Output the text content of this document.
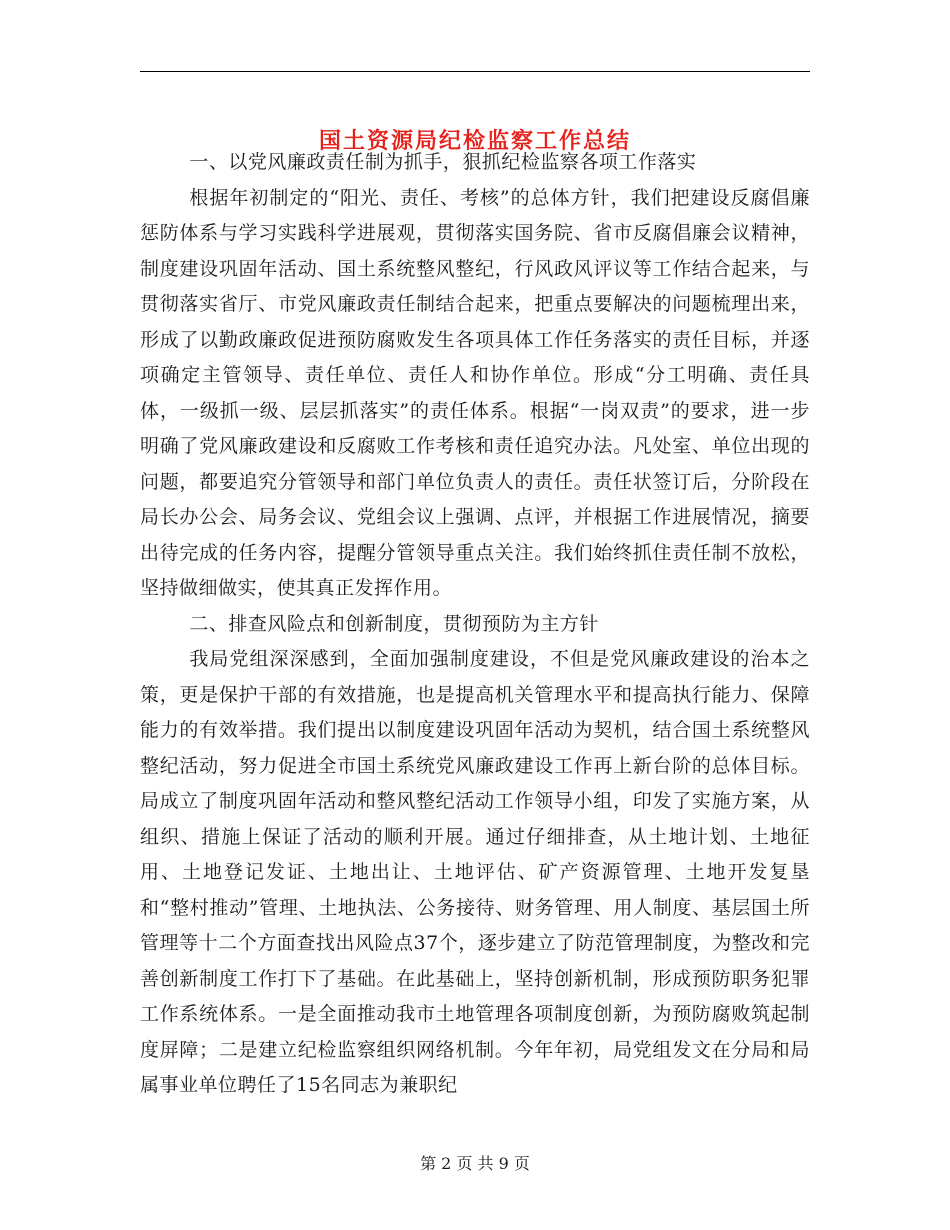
国土资源局纪检监察工作总结

一、以党风廉政责任制为抓手，狠抓纪检监察各项工作落实

根据年初制定的“阳光、责任、考核”的总体方针，我们把建设反腐倡廉惩防体系与学习实践科学进展观，贯彻落实国务院、省市反腐倡廉会议精神，制度建设巩固年活动、国土系统整风整纪，行风政风评议等工作结合起来，与贯彻落实省厅、市党风廉政责任制结合起来，把重点要解决的问题梳理出来，形成了以勤政廉政促进预防腐败发生各项具体工作任务落实的责任目标，并逐项确定主管领导、责任单位、责任人和协作单位。形成“分工明确、责任具体，一级抓一级、层层抓落实”的责任体系。根据“一岗双责”的要求，进一步明确了党风廉政建设和反腐败工作考核和责任追究办法。凡处室、单位出现的问题，都要追究分管领导和部门单位负责人的责任。责任状签订后，分阶段在局长办公会、局务会议、党组会议上强调、点评，并根据工作进展情况，摘要出待完成的任务内容，提醒分管领导重点关注。我们始终抓住责任制不放松，坚持做细做实，使其真正发挥作用。

二、排查风险点和创新制度，贯彻预防为主方针

我局党组深深感到，全面加强制度建设，不但是党风廉政建设的治本之策，更是保护干部的有效措施，也是提高机关管理水平和提高执行能力、保障能力的有效举措。我们提出以制度建设巩固年活动为契机，结合国土系统整风整纪活动，努力促进全市国土系统党风廉政建设工作再上新台阶的总体目标。局成立了制度巩固年活动和整风整纪活动工作领导小组，印发了实施方案，从组织、措施上保证了活动的顺利开展。通过仔细排查，从土地计划、土地征用、土地登记发证、土地出让、土地评估、矿产资源管理、土地开发复垦和“整村推动”管理、土地执法、公务接待、财务管理、用人制度、基层国土所管理等十二个方面查找出风险点37个，逐步建立了防范管理制度，为整改和完善创新制度工作打下了基础。在此基础上，坚持创新机制，形成预防职务犯罪工作系统体系。一是全面推动我市土地管理各项制度创新，为预防腐败筑起制度屏障；二是建立纪检监察组织网络机制。今年年初，局党组发文在分局和局属事业单位聘任了15名同志为兼职纪

第 2 页 共 9 页
